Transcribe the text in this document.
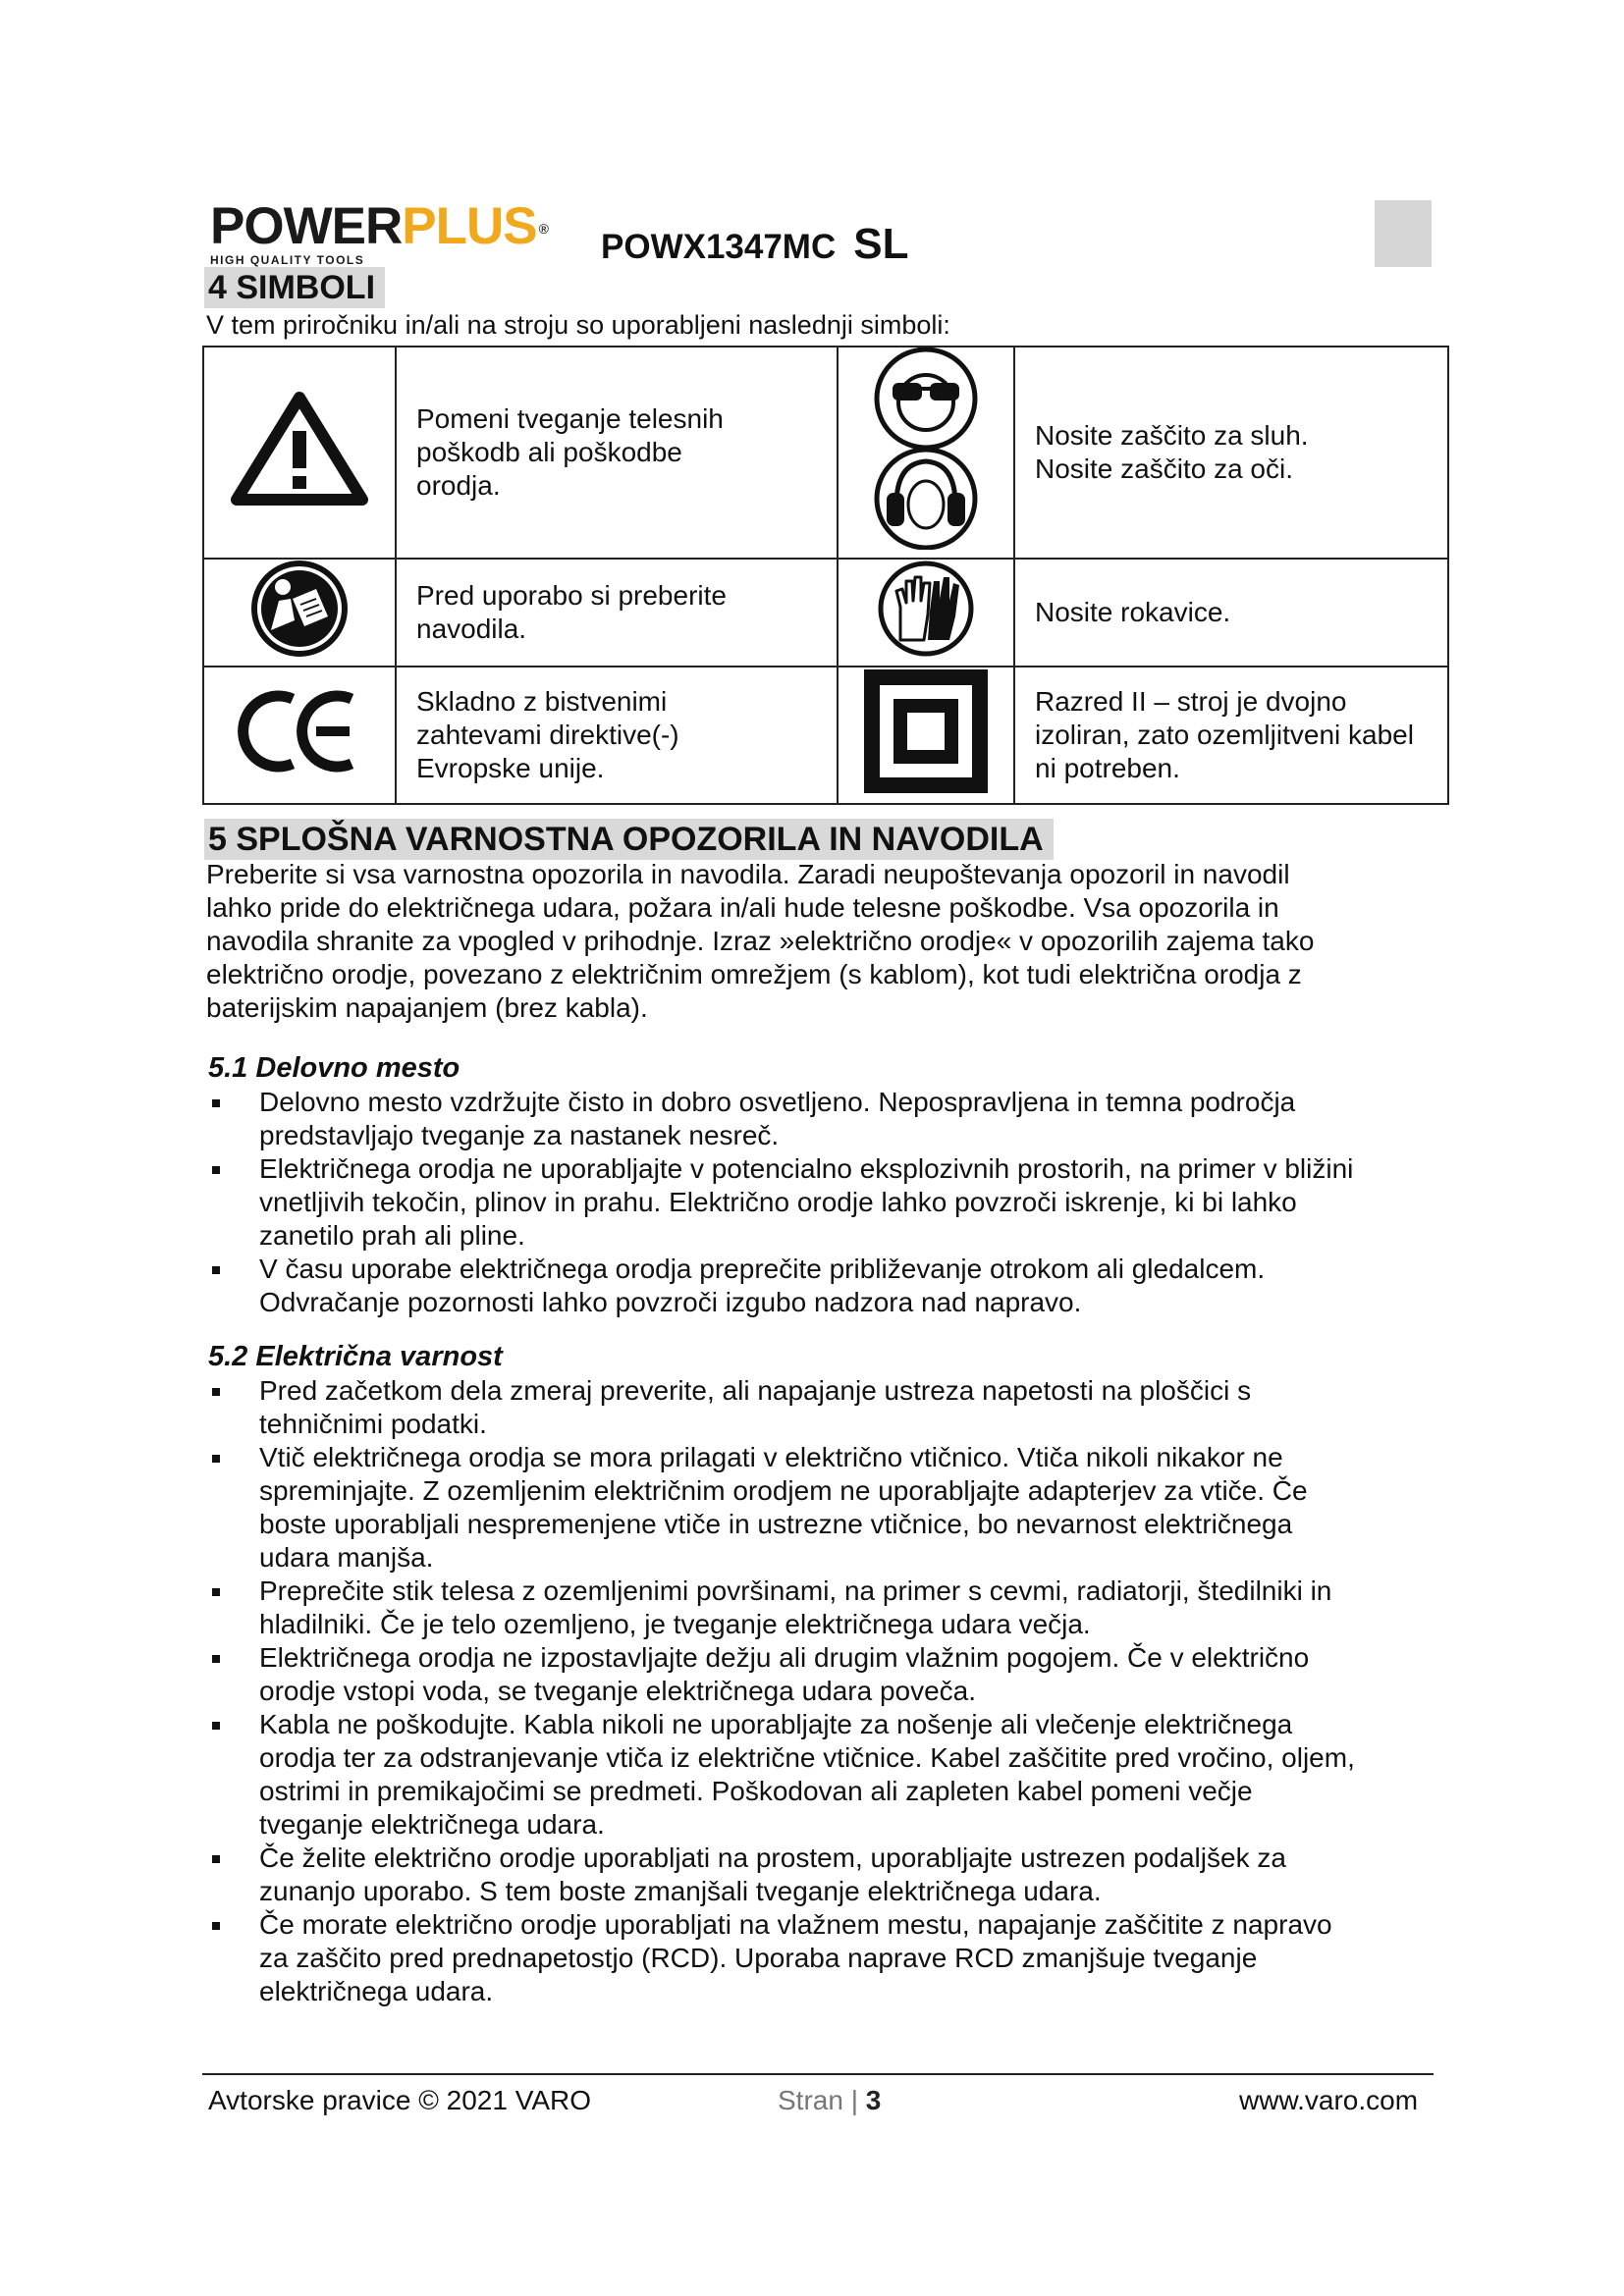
POWERPLUS ®
HIGH QUALITY TOOLS	POWX1347MC SL
4 SIMBOLI
V tem priročniku in/ali na stroju so uporabljeni naslednji simboli:

Pomeni tveganje telesnih
poškodb ali poškodbe
orodja.		Nosite zaščito za sluh.
Nosite zaščito za oči.

Pred uporabo si preberite
navodila.		Nosite rokavice.

Skladno z bistvenimi
zahtevami direktive(-)
Evropske unije.		Razred II – stroj je dvojno
izoliran, zato ozemljitveni kabel
ni potreben.
5 SPLOŠNA VARNOSTNA OPOZORILA IN NAVODILA
Preberite si vsa varnostna opozorila in navodila. Zaradi neupoštevanja opozoril in navodil
lahko pride do električnega udara, požara in/ali hude telesne poškodbe. Vsa opozorila in
navodila shranite za vpogled v prihodnje. Izraz »električno orodje« v opozorilih zajema tako
električno orodje, povezano z električnim omrežjem (s kablom), kot tudi električna orodja z
baterijskim napajanjem (brez kabla).
5.1 Delovno mesto
Delovno mesto vzdržujte čisto in dobro osvetljeno. Nepospravljena in temna področja
predstavljajo tveganje za nastanek nesreč.
Električnega orodja ne uporabljajte v potencialno eksplozivnih prostorih, na primer v bližini
vnetljivih tekočin, plinov in prahu. Električno orodje lahko povzroči iskrenje, ki bi lahko
zanetilo prah ali pline.
V času uporabe električnega orodja preprečite približevanje otrokom ali gledalcem.
Odvračanje pozornosti lahko povzroči izgubo nadzora nad napravo.
5.2 Električna varnost
Pred začetkom dela zmeraj preverite, ali napajanje ustreza napetosti na ploščici s
tehničnimi podatki.
Vtič električnega orodja se mora prilagati v električno vtičnico. Vtiča nikoli nikakor ne
spreminjajte. Z ozemljenim električnim orodjem ne uporabljajte adapterjev za vtiče. Če
boste uporabljali nespremenjene vtiče in ustrezne vtičnice, bo nevarnost električnega
udara manjša.
Preprečite stik telesa z ozemljenimi površinami, na primer s cevmi, radiatorji, štedilniki in
hladilniki. Če je telo ozemljeno, je tveganje električnega udara večja.
Električnega orodja ne izpostavljajte dežju ali drugim vlažnim pogojem. Če v električno
orodje vstopi voda, se tveganje električnega udara poveča.
Kabla ne poškodujte. Kabla nikoli ne uporabljajte za nošenje ali vlečenje električnega
orodja ter za odstranjevanje vtiča iz električne vtičnice. Kabel zaščitite pred vročino, oljem,
ostrimi in premikajočimi se predmeti. Poškodovan ali zapleten kabel pomeni večje
tveganje električnega udara.
Če želite električno orodje uporabljati na prostem, uporabljajte ustrezen podaljšek za
zunanjo uporabo. S tem boste zmanjšali tveganje električnega udara.
Če morate električno orodje uporabljati na vlažnem mestu, napajanje zaščitite z napravo
za zaščito pred prednapetostjo (RCD). Uporaba naprave RCD zmanjšuje tveganje
električnega udara.
Avtorske pravice © 2021 VARO	Stran | 3	www.varo.com
